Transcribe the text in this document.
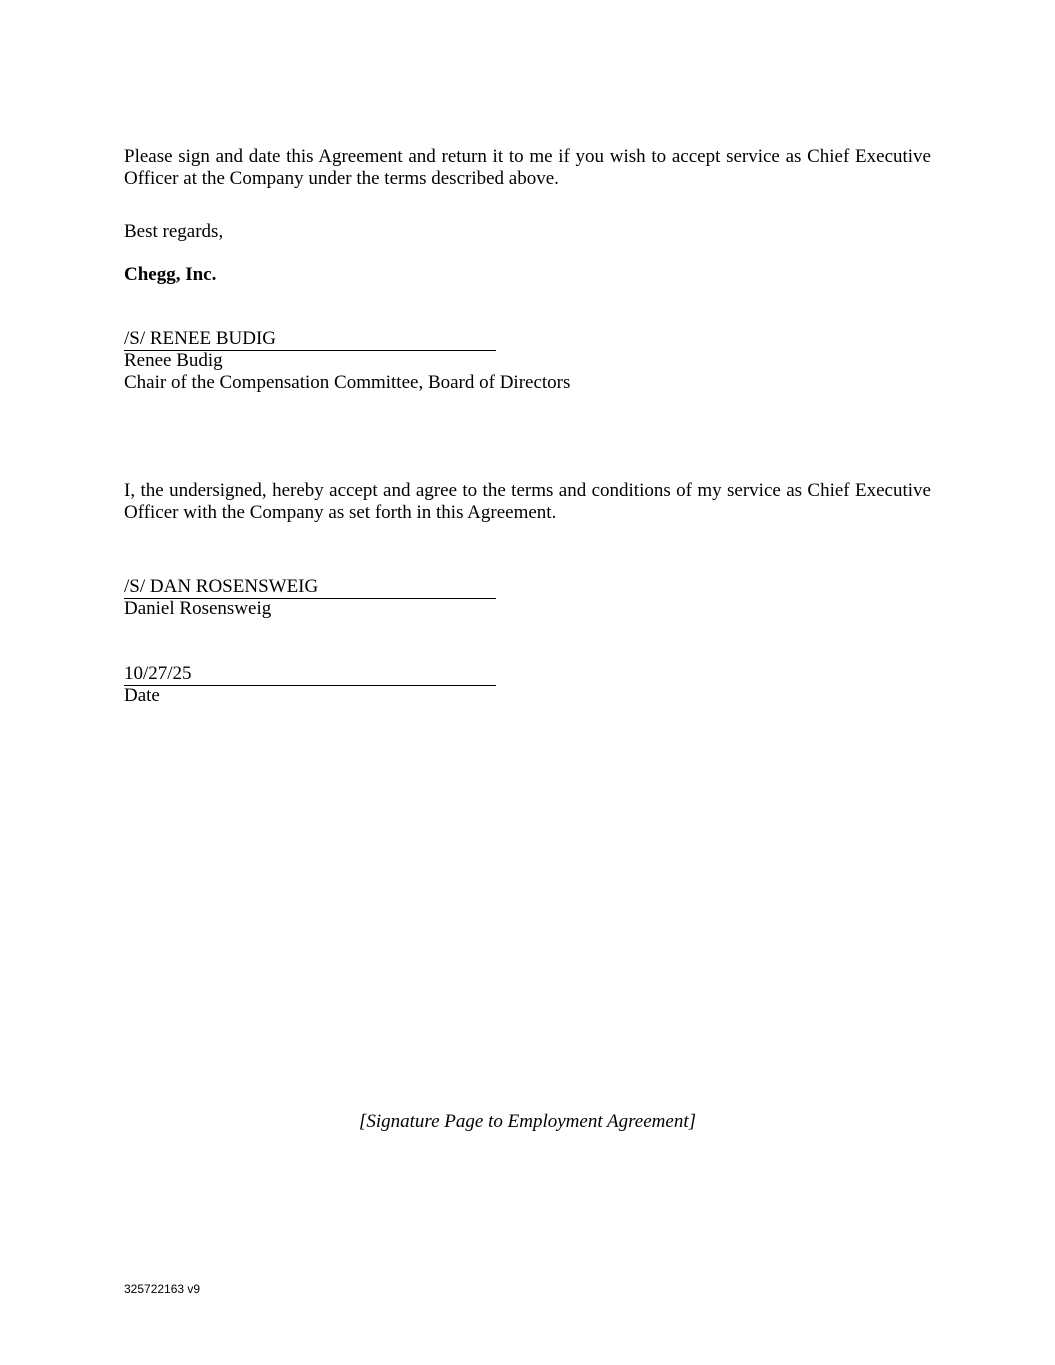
Please sign and date this Agreement and return it to me if you wish to accept service as Chief Executive Officer at the Company under the terms described above.
Best regards,
Chegg, Inc.
/S/ RENEE BUDIG
Renee Budig
Chair of the Compensation Committee, Board of Directors
I, the undersigned, hereby accept and agree to the terms and conditions of my service as Chief Executive Officer with the Company as set forth in this Agreement.
/S/ DAN ROSENSWEIG
Daniel Rosensweig
10/27/25
Date
[Signature Page to Employment Agreement]
325722163 v9
